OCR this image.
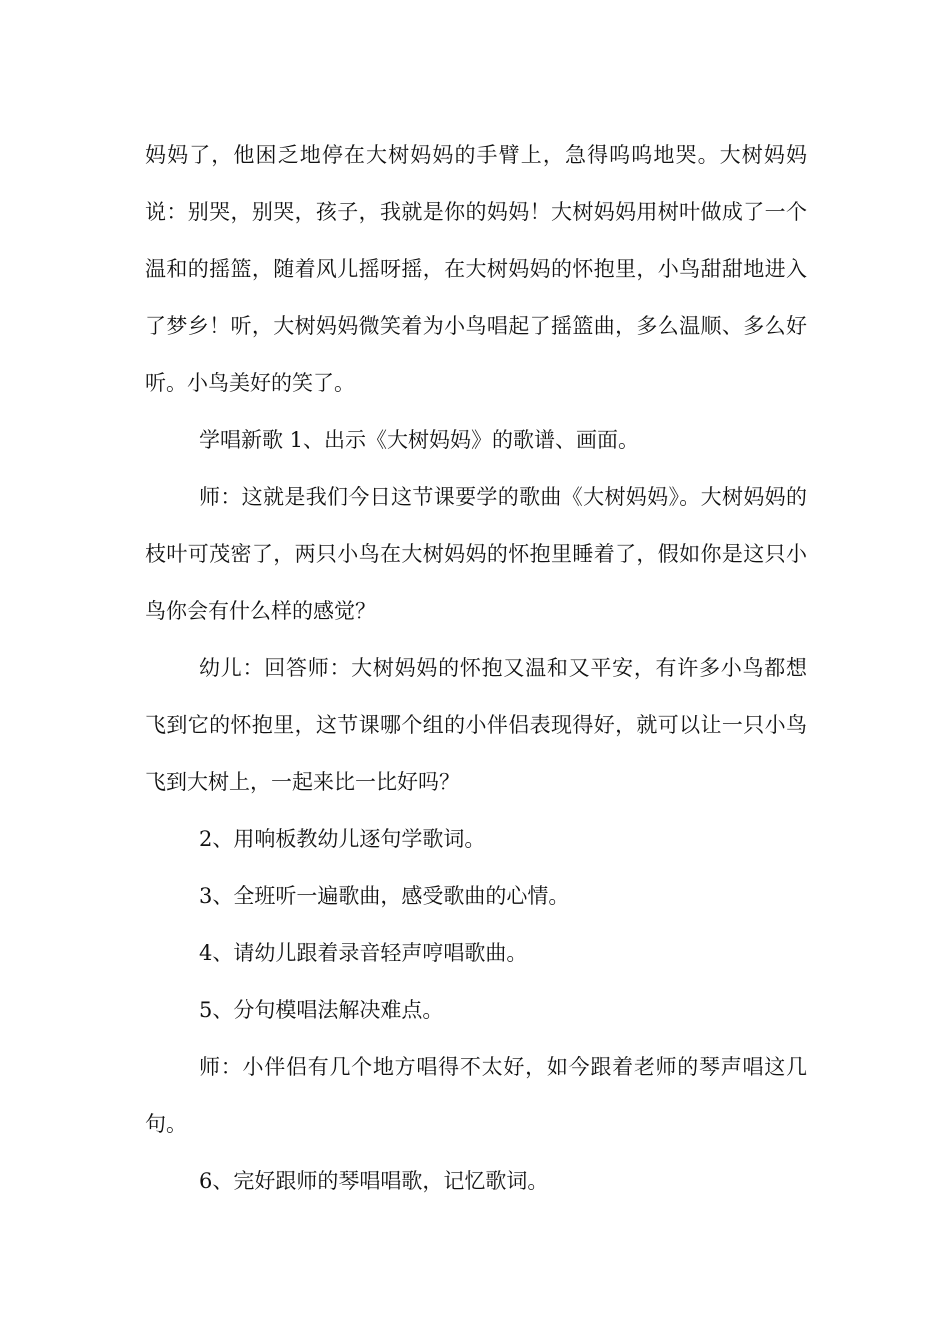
妈妈了，他困乏地停在大树妈妈的手臂上，急得呜呜地哭。大树妈妈说：别哭，别哭，孩子，我就是你的妈妈！大树妈妈用树叶做成了一个温和的摇篮，随着风儿摇呀摇，在大树妈妈的怀抱里，小鸟甜甜地进入了梦乡！听，大树妈妈微笑着为小鸟唱起了摇篮曲，多么温顺、多么好听。小鸟美好的笑了。

学唱新歌 1、出示《大树妈妈》的歌谱、画面。

师：这就是我们今日这节课要学的歌曲《大树妈妈》。大树妈妈的枝叶可茂密了，两只小鸟在大树妈妈的怀抱里睡着了，假如你是这只小鸟你会有什么样的感觉？

幼儿：回答师：大树妈妈的怀抱又温和又平安，有许多小鸟都想飞到它的怀抱里，这节课哪个组的小伴侣表现得好，就可以让一只小鸟飞到大树上，一起来比一比好吗？

2、用响板教幼儿逐句学歌词。

3、全班听一遍歌曲，感受歌曲的心情。

4、请幼儿跟着录音轻声哼唱歌曲。

5、分句模唱法解决难点。

师：小伴侣有几个地方唱得不太好，如今跟着老师的琴声唱这几句。

6、完好跟师的琴唱唱歌，记忆歌词。
